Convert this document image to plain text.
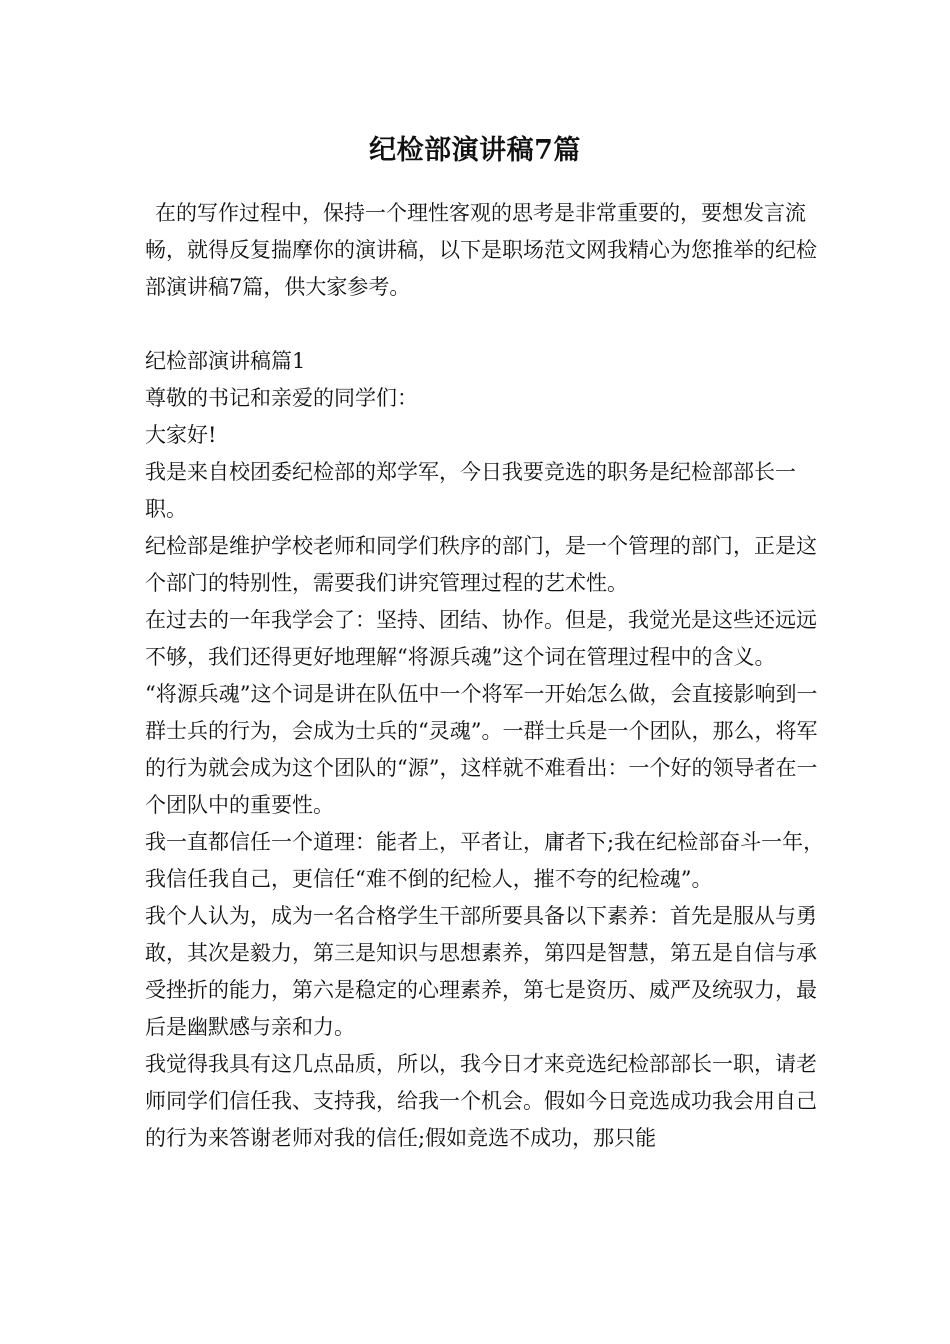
纪检部演讲稿7篇

在的写作过程中，保持一个理性客观的思考是非常重要的，要想发言流畅，就得反复揣摩你的演讲稿，以下是职场范文网我精心为您推举的纪检部演讲稿7篇，供大家参考。

纪检部演讲稿篇1

尊敬的书记和亲爱的同学们：

大家好!

我是来自校团委纪检部的郑学军，今日我要竞选的职务是纪检部部长一职。

纪检部是维护学校老师和同学们秩序的部门，是一个管理的部门，正是这个部门的特别性，需要我们讲究管理过程的艺术性。

在过去的一年我学会了：坚持、团结、协作。但是，我觉光是这些还远远不够，我们还得更好地理解“将源兵魂”这个词在管理过程中的含义。

“将源兵魂”这个词是讲在队伍中一个将军一开始怎么做，会直接影响到一群士兵的行为，会成为士兵的“灵魂”。一群士兵是一个团队，那么，将军的行为就会成为这个团队的“源”，这样就不难看出：一个好的领导者在一个团队中的重要性。

我一直都信任一个道理：能者上，平者让，庸者下;我在纪检部奋斗一年，我信任我自己，更信任“难不倒的纪检人，摧不夸的纪检魂”。

我个人认为，成为一名合格学生干部所要具备以下素养：首先是服从与勇敢，其次是毅力，第三是知识与思想素养，第四是智慧，第五是自信与承受挫折的能力，第六是稳定的心理素养，第七是资历、威严及统驭力，最后是幽默感与亲和力。

我觉得我具有这几点品质，所以，我今日才来竞选纪检部部长一职，请老师同学们信任我、支持我，给我一个机会。假如今日竞选成功我会用自己的行为来答谢老师对我的信任;假如竞选不成功，那只能
